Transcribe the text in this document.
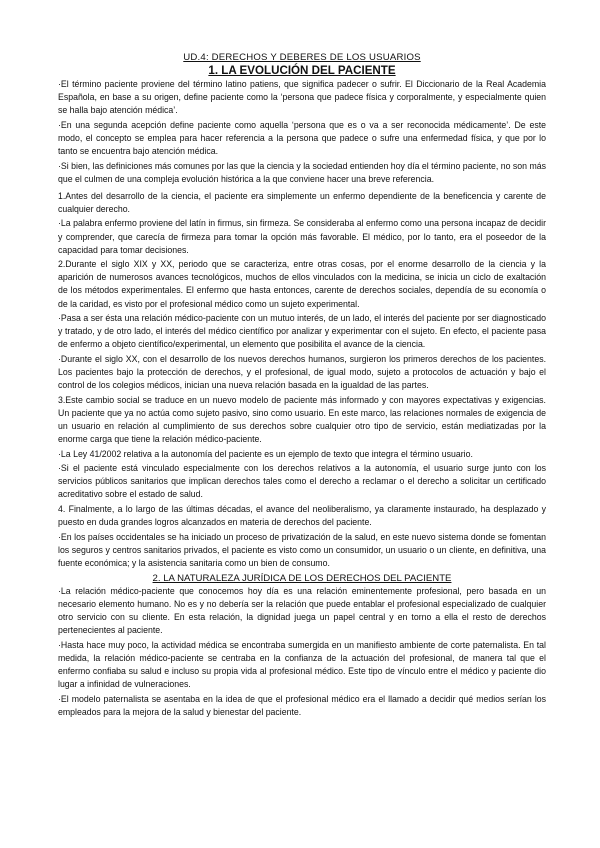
UD.4: DERECHOS Y DEBERES DE LOS USUARIOS
1. LA EVOLUCIÓN DEL PACIENTE

·El término paciente proviene del término latino patiens, que significa padecer o sufrir. El Diccionario de la Real Academia Española, en base a su origen, define paciente como la ‘persona que padece física y corporalmente, y especialmente quien se halla bajo atención médica’.

·En una segunda acepción define paciente como aquella ‘persona que es o va a ser reconocida médicamente’. De este modo, el concepto se emplea para hacer referencia a la persona que padece o sufre una enfermedad física, y que por lo tanto se encuentra bajo atención médica.

·Si bien, las definiciones más comunes por las que la ciencia y la sociedad entienden hoy día el término paciente, no son más que el culmen de una compleja evolución histórica a la que conviene hacer una breve referencia.

1.Antes del desarrollo de la ciencia, el paciente era simplemente un enfermo dependiente de la beneficencia y carente de cualquier derecho.

·La palabra enfermo proviene del latín in firmus, sin firmeza. Se consideraba al enfermo como una persona incapaz de decidir y comprender, que carecía de firmeza para tomar la opción más favorable. El médico, por lo tanto, era el poseedor de la capacidad para tomar decisiones.

2.Durante el siglo XIX y XX, periodo que se caracteriza, entre otras cosas, por el enorme desarrollo de la ciencia y la aparición de numerosos avances tecnológicos, muchos de ellos vinculados con la medicina, se inicia un ciclo de exaltación de los métodos experimentales. El enfermo que hasta entonces, carente de derechos sociales, dependía de su economía o de la caridad, es visto por el profesional médico como un sujeto experimental.

·Pasa a ser ésta una relación médico-paciente con un mutuo interés, de un lado, el interés del paciente por ser diagnosticado y tratado, y de otro lado, el interés del médico científico por analizar y experimentar con el sujeto. En efecto, el paciente pasa de enfermo a objeto científico/experimental, un elemento que posibilita el avance de la ciencia.

·Durante el siglo XX, con el desarrollo de los nuevos derechos humanos, surgieron los primeros derechos de los pacientes. Los pacientes bajo la protección de derechos, y el profesional, de igual modo, sujeto a protocolos de actuación y bajo el control de los colegios médicos, inician una nueva relación basada en la igualdad de las partes.

3.Este cambio social se traduce en un nuevo modelo de paciente más informado y con mayores expectativas y exigencias. Un paciente que ya no actúa como sujeto pasivo, sino como usuario. En este marco, las relaciones normales de exigencia de un usuario en relación al cumplimiento de sus derechos sobre cualquier otro tipo de servicio, están mediatizadas por la enorme carga que tiene la relación médico-paciente.

·La Ley 41/2002 relativa a la autonomía del paciente es un ejemplo de texto que integra el término usuario.

·Si el paciente está vinculado especialmente con los derechos relativos a la autonomía, el usuario surge junto con los servicios públicos sanitarios que implican derechos tales como el derecho a reclamar o el derecho a solicitar un certificado acreditativo sobre el estado de salud.

4. Finalmente, a lo largo de las últimas décadas, el avance del neoliberalismo, ya claramente instaurado, ha desplazado y puesto en duda grandes logros alcanzados en materia de derechos del paciente.

·En los países occidentales se ha iniciado un proceso de privatización de la salud, en este nuevo sistema donde se fomentan los seguros y centros sanitarios privados, el paciente es visto como un consumidor, un usuario o un cliente, en definitiva, una fuente económica; y la asistencia sanitaria como un bien de consumo.

2. LA NATURALEZA JURÍDICA DE LOS DERECHOS DEL PACIENTE

·La relación médico-paciente que conocemos hoy día es una relación eminentemente profesional, pero basada en un necesario elemento humano. No es y no debería ser la relación que puede entablar el profesional especializado de cualquier otro servicio con su cliente. En esta relación, la dignidad juega un papel central y en torno a ella el resto de derechos pertenecientes al paciente.

·Hasta hace muy poco, la actividad médica se encontraba sumergida en un manifiesto ambiente de corte paternalista. En tal medida, la relación médico-paciente se centraba en la confianza de la actuación del profesional, de manera tal que el enfermo confiaba su salud e incluso su propia vida al profesional médico. Este tipo de vínculo entre el médico y paciente dio lugar a infinidad de vulneraciones.

·El modelo paternalista se asentaba en la idea de que el profesional médico era el llamado a decidir qué medios serían los empleados para la mejora de la salud y bienestar del paciente.
